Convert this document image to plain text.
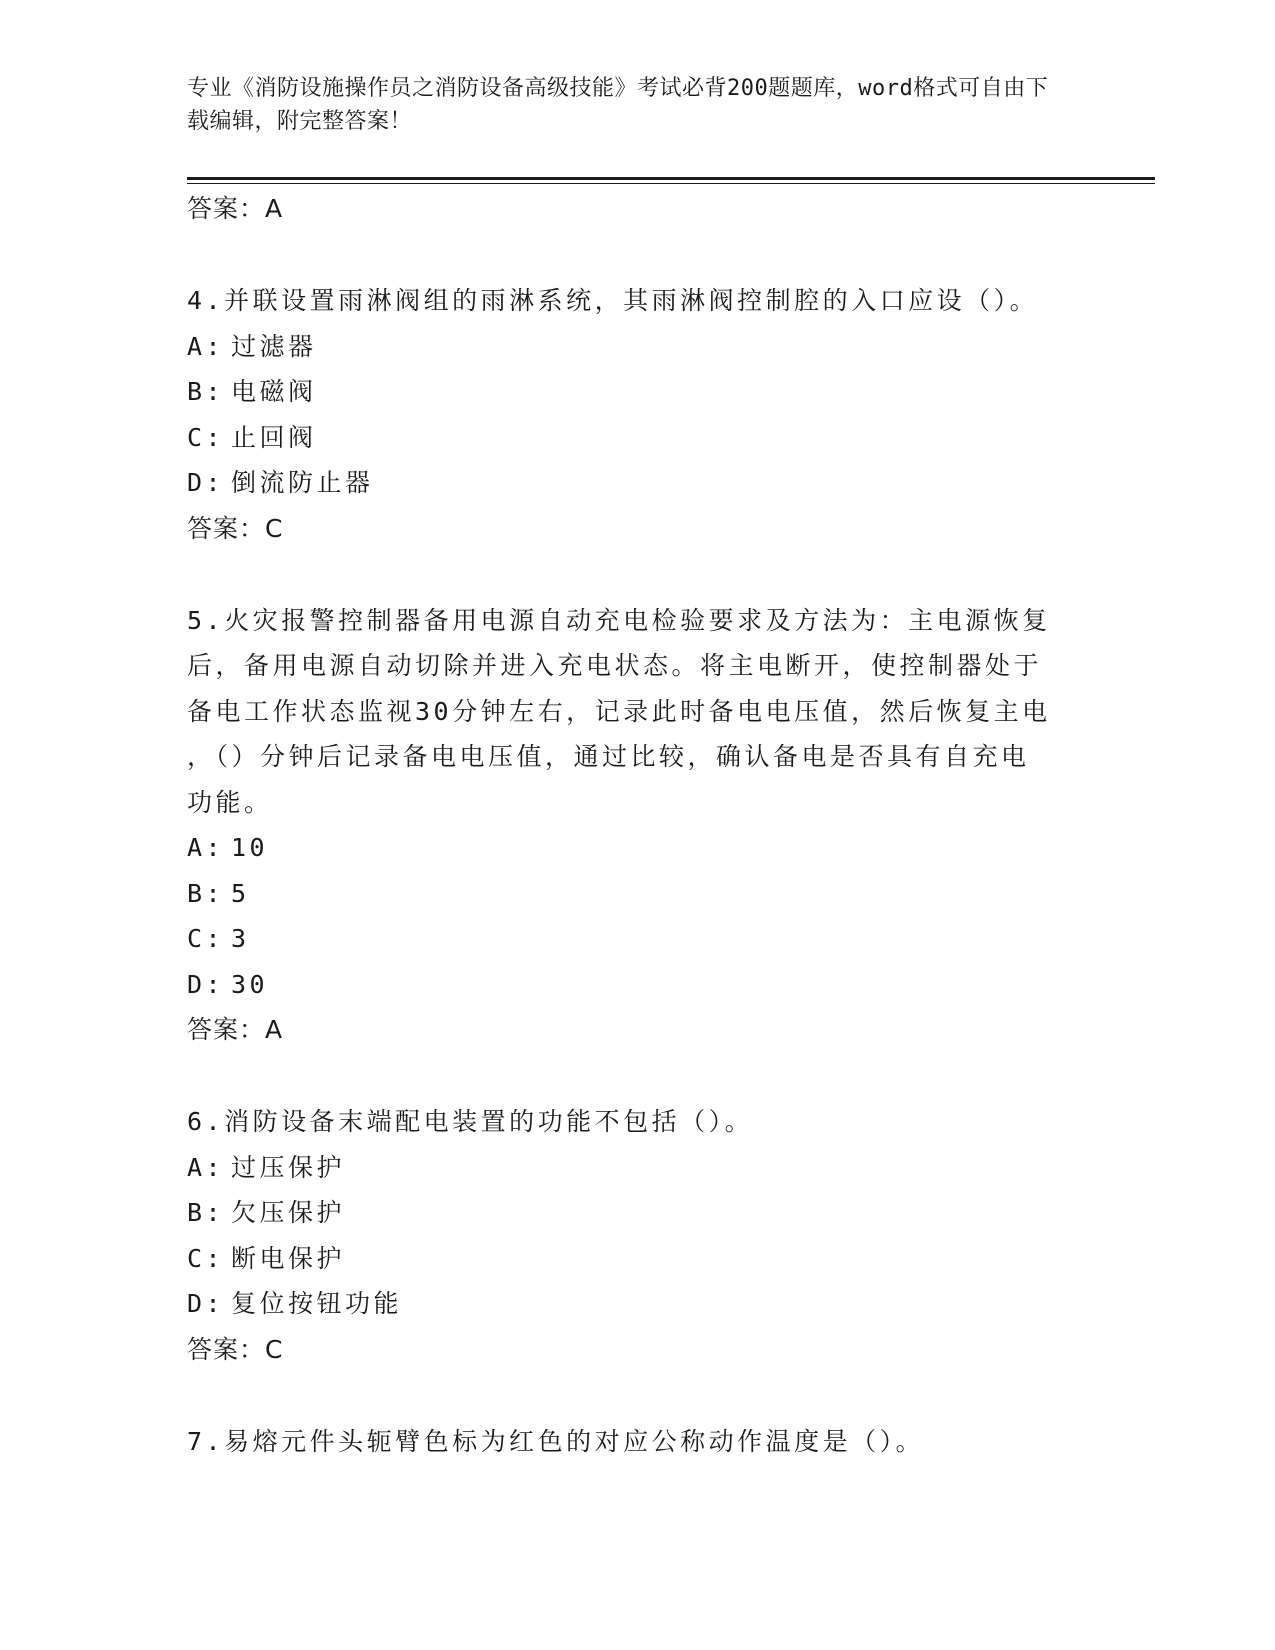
专业《消防设施操作员之消防设备高级技能》考试必背200题题库，word格式可自由下载编辑，附完整答案！
答案：A
4.并联设置雨淋阀组的雨淋系统，其雨淋阀控制腔的入口应设（）。
A: 过滤器
B: 电磁阀
C: 止回阀
D: 倒流防止器
答案：C
5.火灾报警控制器备用电源自动充电检验要求及方法为：主电源恢复
后，备用电源自动切除并进入充电状态。将主电断开，使控制器处于
备电工作状态监视30分钟左右，记录此时备电电压值，然后恢复主电
，（）分钟后记录备电电压值，通过比较，确认备电是否具有自充电
功能。
A: 10
B: 5
C: 3
D: 30
答案：A
6.消防设备末端配电装置的功能不包括（）。
A: 过压保护
B: 欠压保护
C: 断电保护
D: 复位按钮功能
答案：C
7.易熔元件头轭臂色标为红色的对应公称动作温度是（）。
